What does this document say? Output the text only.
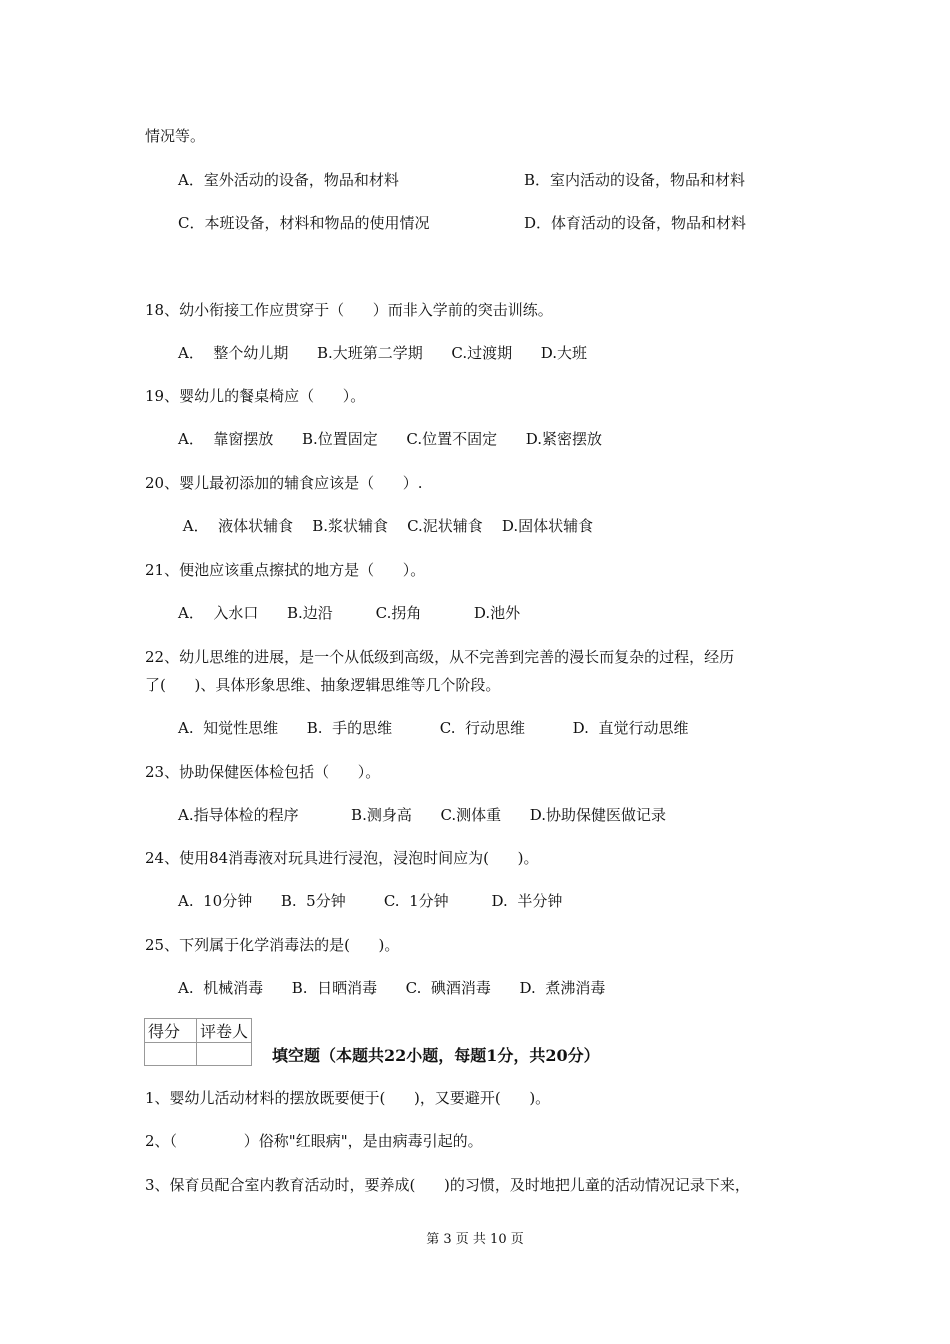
情况等。
A．室外活动的设备，物品和材料	B．室内活动的设备，物品和材料
C．本班设备，材料和物品的使用情况	D．体育活动的设备，物品和材料
18、幼小衔接工作应贯穿于（      ）而非入学前的突击训练。
A．  整个幼儿期      B.大班第二学期      C.过渡期      D.大班
19、婴幼儿的餐桌椅应（      ）。
A．  靠窗摆放      B.位置固定      C.位置不固定      D.紧密摆放
20、婴儿最初添加的辅食应该是（      ）.
A．  液体状辅食    B.浆状辅食    C.泥状辅食    D.固体状辅食
21、便池应该重点擦拭的地方是（      ）。
A．  入水口      B.边沿         C.拐角           D.池外
22、幼儿思维的进展，是一个从低级到高级，从不完善到完善的漫长而复杂的过程，经历
了(      )、具体形象思维、抽象逻辑思维等几个阶段。
A.  知觉性思维      B.  手的思维          C.  行动思维          D.  直觉行动思维
23、协助保健医体检包括（      ）。
A.指导体检的程序           B.测身高      C.测体重      D.协助保健医做记录
24、使用84消毒液对玩具进行浸泡，浸泡时间应为(      )。
A.  10分钟      B.  5分钟        C.  1分钟         D.  半分钟
25、下列属于化学消毒法的是(      )。
A.  机械消毒      B.  日晒消毒      C.  碘酒消毒      D.  煮沸消毒
得分	评卷人

填空题（本题共22小题，每题1分，共20分）
1、婴幼儿活动材料的摆放既要便于(      )，又要避开(      )。
2、（              ）俗称"红眼病"，是由病毒引起的。
3、保育员配合室内教育活动时，要养成(      )的习惯，及时地把儿童的活动情况记录下来，
第 3 页 共 10 页
